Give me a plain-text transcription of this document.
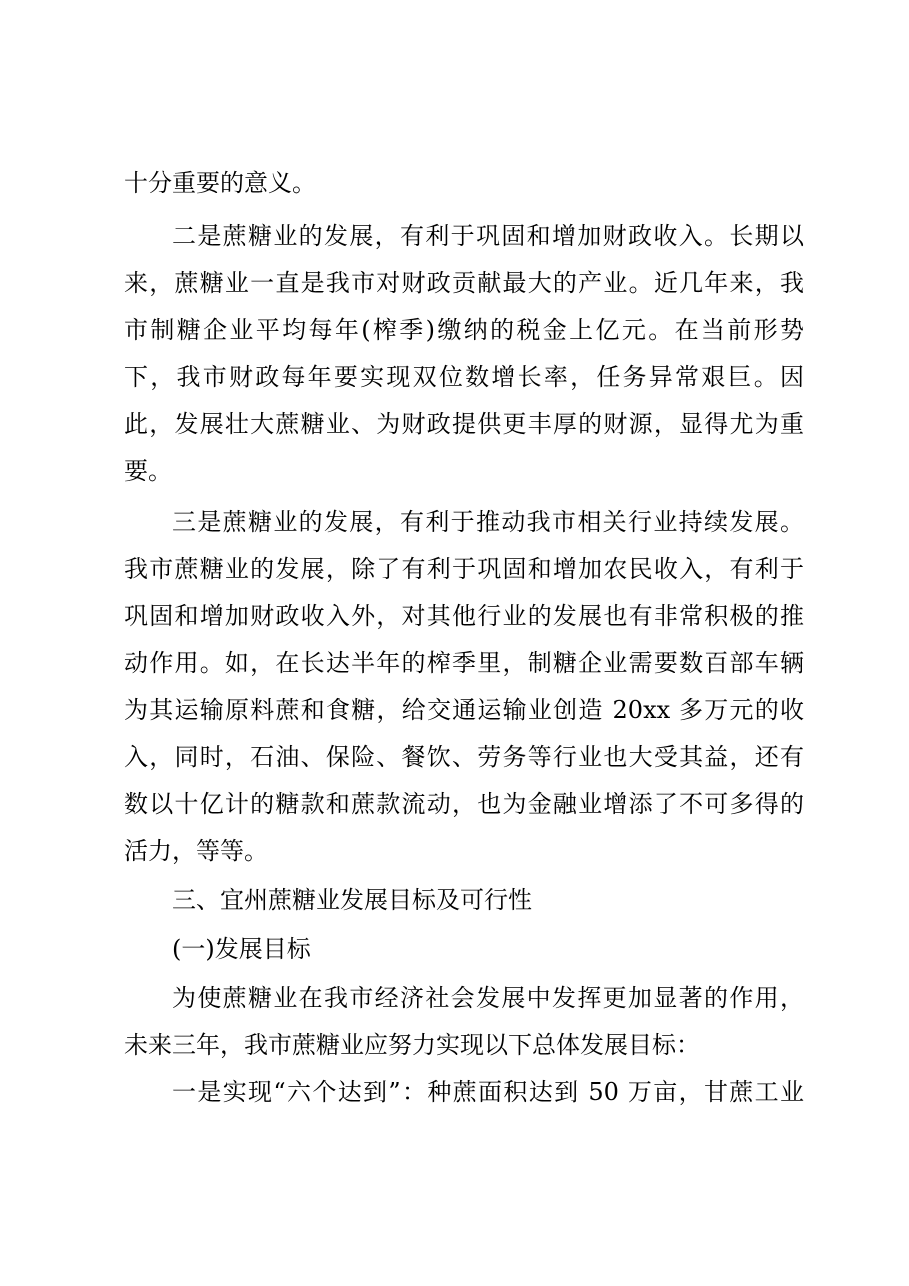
十分重要的意义。
二是蔗糖业的发展，有利于巩固和增加财政收入。长期以
来，蔗糖业一直是我市对财政贡献最大的产业。近几年来，我
市制糖企业平均每年(榨季)缴纳的税金上亿元。在当前形势
下，我市财政每年要实现双位数增长率，任务异常艰巨。因
此，发展壮大蔗糖业、为财政提供更丰厚的财源，显得尤为重
要。
三是蔗糖业的发展，有利于推动我市相关行业持续发展。
我市蔗糖业的发展，除了有利于巩固和增加农民收入，有利于
巩固和增加财政收入外，对其他行业的发展也有非常积极的推
动作用。如，在长达半年的榨季里，制糖企业需要数百部车辆
为其运输原料蔗和食糖，给交通运输业创造 20xx 多万元的收
入，同时，石油、保险、餐饮、劳务等行业也大受其益，还有
数以十亿计的糖款和蔗款流动，也为金融业增添了不可多得的
活力，等等。
三、宜州蔗糖业发展目标及可行性
(一)发展目标
为使蔗糖业在我市经济社会发展中发挥更加显著的作用，
未来三年，我市蔗糖业应努力实现以下总体发展目标：
一是实现“六个达到”：种蔗面积达到 50 万亩，甘蔗工业
